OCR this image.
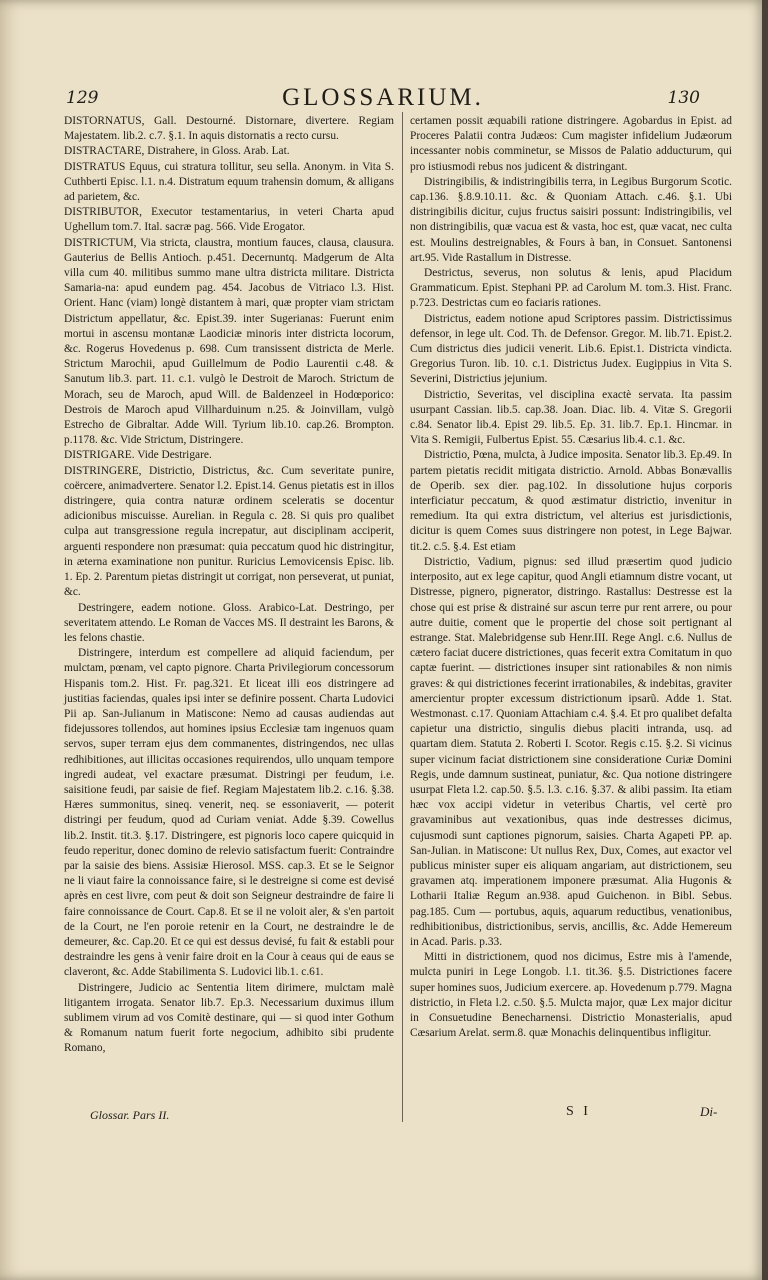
129	GLOSSARIUM.	130

DISTORNATUS, Gall. Destourné. Distornare, divertere. Regiam Majestatem. lib.2. c.7. §.1. In aquis distornatis a recto cursu.

DISTRACTARE, Distrahere, in Gloss. Arab. Lat.

DISTRATUS Equus, cui stratura tollitur, seu sella. Anonym. in Vita S. Cuthberti Episc. l.1. n.4. Distratum equum trahensin domum, & alligans ad parietem, &c.

DISTRIBUTOR, Executor testamentarius, in veteri Charta apud Ughellum tom.7. Ital. sacræ pag. 566. Vide Erogator.

DISTRICTUM, Via stricta, claustra, montium fauces, clausa, clausura. Gauterius de Bellis Antioch. p.451. Decernuntq. Madgerum de Alta villa cum 40. militibus summo mane ultra districta militare. Districta Samaria-na: apud eundem pag. 454. Jacobus de Vitriaco l.3. Hist. Orient. Hanc (viam) longè distantem à mari, quæ propter viam strictam Districtum appellatur, &c. Epist.39. inter Sugerianas: Fuerunt enim mortui in ascensu montanæ Laodiciæ minoris inter districta locorum, &c. Rogerus Hovedenus p. 698. Cum transissent districta de Merle. Strictum Marochii, apud Guillelmum de Podio Laurentii c.48. & Sanutum lib.3. part. 11. c.1. vulgò le Destroit de Maroch. Strictum de Morach, seu de Maroch, apud Will. de Baldenzeel in Hodœporico: Destrois de Maroch apud Villharduinum n.25. & Joinvillam, vulgò Estrecho de Gibraltar. Adde Will. Tyrium lib.10. cap.26. Brompton. p.1178. &c. Vide Strictum, Distringere.

DISTRIGARE. Vide Destrigare.

DISTRINGERE, Districtio, Districtus, &c. Cum severitate punire, coërcere, animadvertere. Senator l.2. Epist.14. Genus pietatis est in illos distringere, quia contra naturæ ordinem sceleratis se docentur adicionibus miscuisse. Aurelian. in Regula c. 28. Si quis pro qualibet culpa aut transgressione regula increpatur, aut disciplinam acciperit, arguenti respondere non præsumat: quia peccatum quod hic distringitur, in æterna examinatione non punitur. Ruricius Lemovicensis Episc. lib. 1. Ep. 2. Parentum pietas distringit ut corrigat, non perseverat, ut puniat, &c.

Destringere, eadem notione. Gloss. Arabico-Lat. Destringo, per severitatem attendo. Le Roman de Vacces MS. Il destraint les Barons, & les felons chastie.

Distringere, interdum est compellere ad aliquid faciendum, per mulctam, pœnam, vel capto pignore. Charta Privilegiorum concessorum Hispanis tom.2. Hist. Fr. pag.321. Et liceat illi eos distringere ad justitias faciendas, quales ipsi inter se definire possent. Charta Ludovici Pii ap. San-Julianum in Matiscone: Nemo ad causas audiendas aut fidejussores tollendos, aut homines ipsius Ecclesiæ tam ingenuos quam servos, super terram ejus dem commanentes, distringendos, nec ullas redhibitiones, aut illicitas occasiones requirendos, ullo unquam tempore ingredi audeat, vel exactare præsumat. Distringi per feudum, i.e. saisitione feudi, par saisie de fief. Regiam Majestatem lib.2. c.16. §.38. Hæres summonitus, sineq. venerit, neq. se essoniaverit, — poterit distringi per feudum, quod ad Curiam veniat. Adde §.39. Cowellus lib.2. Instit. tit.3. §.17. Distringere, est pignoris loco capere quicquid in feudo reperitur, donec domino de relevio satisfactum fuerit: Contraindre par la saisie des biens. Assisiæ Hierosol. MSS. cap.3. Et se le Seignor ne li viaut faire la connoissance faire, si le destreigne si come est devisé après en cest livre, com peut & doit son Seigneur destraindre de faire li faire connoissance de Court. Cap.8. Et se il ne voloit aler, & s'en partoit de la Court, ne l'en poroie retenir en la Court, ne destraindre le de demeurer, &c. Cap.20. Et ce qui est dessus devisé, fu fait & establi pour destraindre les gens à venir faire droit en la Cour à ceaus qui de eaus se claveront, &c. Adde Stabilimenta S. Ludovici lib.1. c.61.

Distringere, Judicio ac Sententia litem dirimere, mulctam malè litigantem irrogata. Senator lib.7. Ep.3. Necessarium duximus illum sublimem virum ad vos Comitè destinare, qui — si quod inter Gothum & Romanum natum fuerit forte negocium, adhibito sibi prudente Romano,

certamen possit æquabili ratione distringere. Agobardus in Epist. ad Proceres Palatii contra Judæos: Cum magister infidelium Judæorum incessanter nobis comminetur, se Missos de Palatio adducturum, qui pro istiusmodi rebus nos judicent & distringant.

Distringibilis, & indistringibilis terra, in Legibus Burgorum Scotic. cap.136. §.8.9.10.11. &c. & Quoniam Attach. c.46. §.1. Ubi distringibilis dicitur, cujus fructus saisiri possunt: Indistringibilis, vel non distringibilis, quæ vacua est & vasta, hoc est, quæ vacat, nec culta est. Moulins destreignables, & Fours à ban, in Consuet. Santonensi art.95. Vide Rastallum in Distresse.

Destrictus, severus, non solutus & lenis, apud Placidum Grammaticum. Epist. Stephani PP. ad Carolum M. tom.3. Hist. Franc. p.723. Destrictas cum eo faciaris rationes.

Districtus, eadem notione apud Scriptores passim. Districtissimus defensor, in lege ult. Cod. Th. de Defensor. Gregor. M. lib.71. Epist.2. Cum districtus dies judicii venerit. Lib.6. Epist.1. Districta vindicta. Gregorius Turon. lib. 10. c.1. Districtus Judex. Eugippius in Vita S. Severini, Districtius jejunium.

Districtio, Severitas, vel disciplina exactè servata. Ita passim usurpant Cassian. lib.5. cap.38. Joan. Diac. lib. 4. Vitæ S. Gregorii c.84. Senator lib.4. Epist 29. lib.5. Ep. 31. lib.7. Ep.1. Hincmar. in Vita S. Remigii, Fulbertus Epist. 55. Cæsarius lib.4. c.1. &c.

Districtio, Pœna, mulcta, à Judice imposita. Senator lib.3. Ep.49. In partem pietatis recidit mitigata districtio. Arnold. Abbas Bonævallis de Operib. sex dier. pag.102. In dissolutione hujus corporis interficiatur peccatum, & quod æstimatur districtio, invenitur in remedium. Ita qui extra districtum, vel alterius est jurisdictionis, dicitur is quem Comes suus distringere non potest, in Lege Bajwar. tit.2. c.5. §.4. Est etiam

Districtio, Vadium, pignus: sed illud præsertim quod judicio interposito, aut ex lege capitur, quod Angli etiamnum distre vocant, ut Distresse, pignero, pignerator, distringo. Rastallus: Destresse est la chose qui est prise & distrainé sur ascun terre pur rent arrere, ou pour autre duitie, coment que le propertie del chose soit pertignant al estrange. Stat. Malebridgense sub Henr.III. Rege Angl. c.6. Nullus de cætero faciat ducere districtiones, quas fecerit extra Comitatum in quo captæ fuerint. — districtiones insuper sint rationabiles & non nimis graves: & qui districtiones fecerint irrationabiles, & indebitas, graviter amercientur propter excessum districtionum ipsarũ. Adde 1. Stat. Westmonast. c.17. Quoniam Attachiam c.4. §.4. Et pro qualibet defalta capietur una districtio, singulis diebus placiti intranda, usq. ad quartam diem. Statuta 2. Roberti I. Scotor. Regis c.15. §.2. Si vicinus super vicinum faciat districtionem sine consideratione Curiæ Domini Regis, unde damnum sustineat, puniatur, &c. Qua notione distringere usurpat Fleta l.2. cap.50. §.5. l.3. c.16. §.37. & alibi passim. Ita etiam hæc vox accipi videtur in veteribus Chartis, vel certè pro gravaminibus aut vexationibus, quas inde destresses dicimus, cujusmodi sunt captiones pignorum, saisies. Charta Agapeti PP. ap. San-Julian. in Matiscone: Ut nullus Rex, Dux, Comes, aut exactor vel publicus minister super eis aliquam angariam, aut districtionem, seu gravamen atq. imperationem imponere præsumat. Alia Hugonis & Lotharii Italiæ Regum an.938. apud Guichenon. in Bibl. Sebus. pag.185. Cum — portubus, aquis, aquarum reductibus, venationibus, redhibitionibus, districtionibus, servis, ancillis, &c. Adde Hemereum in Acad. Paris. p.33.

Mitti in districtionem, quod nos dicimus, Estre mis à l'amende, mulcta puniri in Lege Longob. l.1. tit.36. §.5. Districtiones facere super homines suos, Judicium exercere. ap. Hovedenum p.779. Magna districtio, in Fleta l.2. c.50. §.5. Mulcta major, quæ Lex major dicitur in Consuetudine Benecharnensi. Districtio Monasterialis, apud Cæsarium Arelat. serm.8. quæ Monachis delinquentibus infligitur.

Glossar. Pars II.	S I	Di-
